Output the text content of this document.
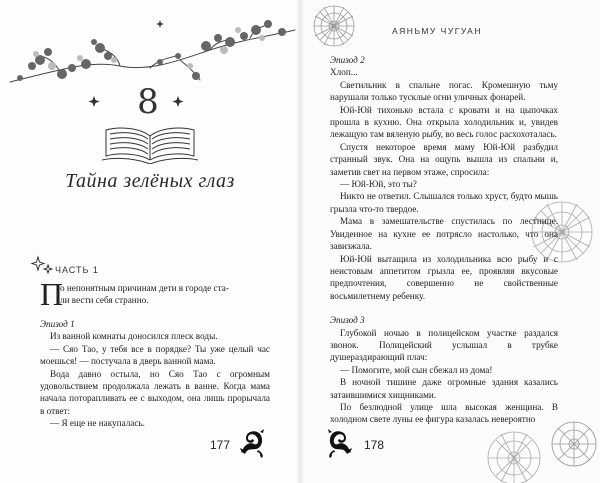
8
Тайна зелёных глаз
ЧАСТЬ 1
П
о непонятным причинам дети в городе ста-
ли вести себя странно.
Эпизод 1

Из ванной комнаты доносился плеск воды.

— Сяо Тао, у тебя все в порядке? Ты уже целый час моешься! — постучала в дверь ванной мама.

Вода давно остыла, но Сяо Тао с огромным удовольствием продолжала лежать в ванне. Когда мама начала поторапливать ее с выходом, она лишь прорычала в ответ:

— Я еще не накупалась.

177
АЯНЬМУ ЧУГУАН
Эпизод 2

Хлоп...

Светильник в спальне погас. Кромешную тьму нарушали только тусклые огни уличных фонарей.

Юй-Юй тихонько встала с кровати и на цыпочках прошла в кухню. Она открыла холодильник и, увидев лежащую там вяленую рыбу, во весь голос расхохоталась.

Спустя некоторое время маму Юй-Юй разбудил странный звук. Она на ощупь вышла из спальни и, заметив свет на первом этаже, спросила:

— Юй-Юй, это ты?

Никто не ответил. Слышался только хруст, будто мышь грызла что-то твердое.

Мама в замешательстве спустилась по лестнице. Увиденное на кухне ее потрясло настолько, что она завизжала.

Юй-Юй вытащила из холодильника всю рыбу и с неистовым аппетитом грызла ее, проявляя вкусовые предпочтения, совершенно не свойственные восьмилетнему ребенку.

Эпизод 3

Глубокой ночью в полицейском участке раздался звонок. Полицейский услышал в трубке душераздирающий плач:

— Помогите, мой сын сбежал из дома!

В ночной тишине даже огромные здания казались затаившимися хищниками.

По безлюдной улице шла высокая женщина. В холодном свете луны ее фигура казалась невероятно

178
